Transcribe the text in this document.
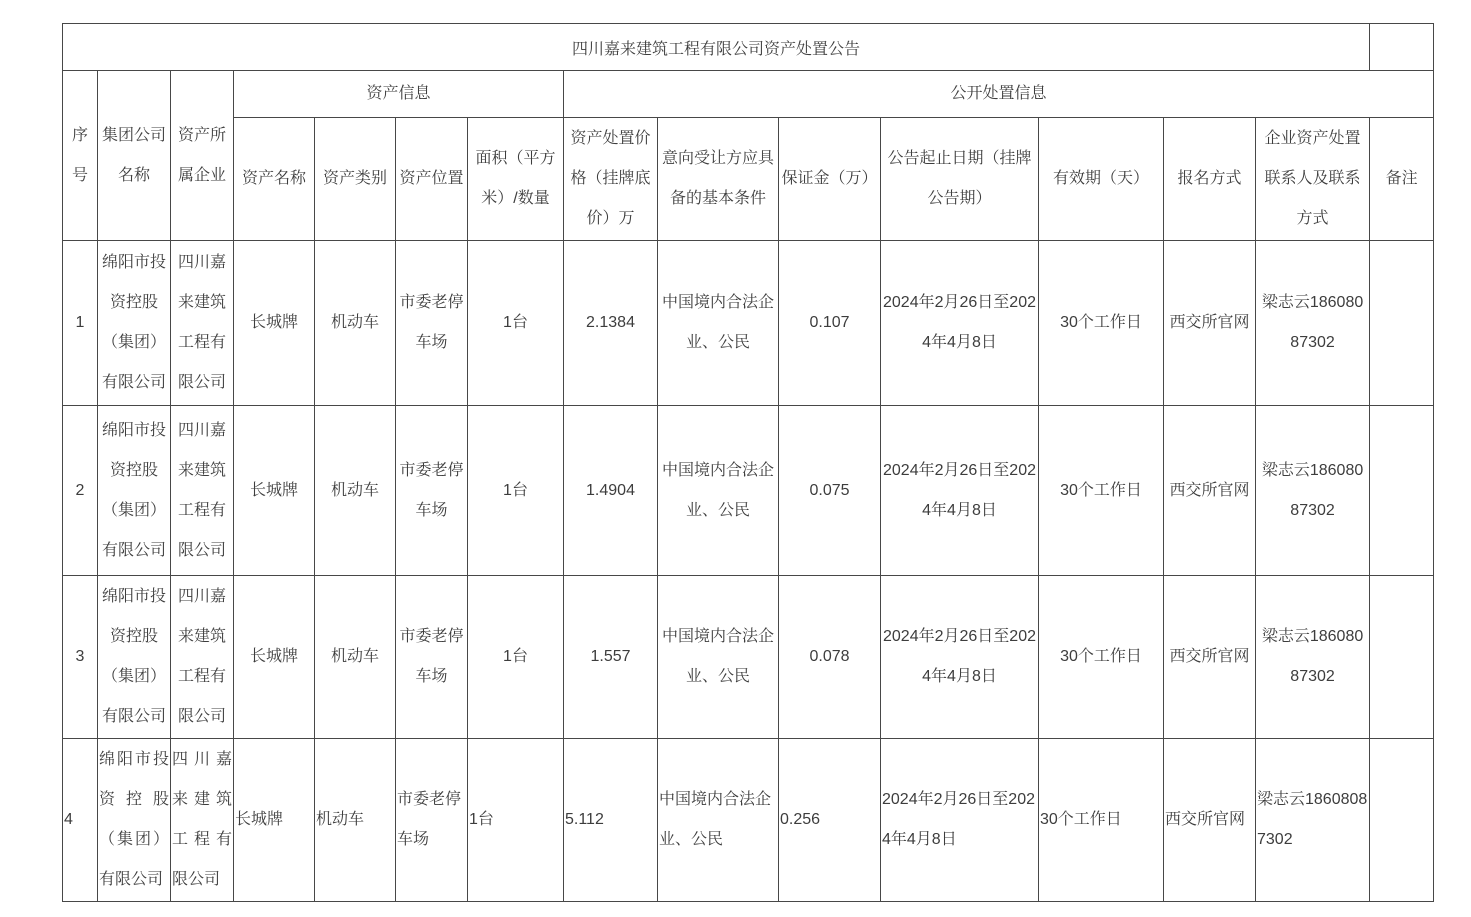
四川嘉来建筑工程有限公司资产处置公告														
序号	集团公司名称	资产所属企业	资产信息				公开处置信息							
			资产名称	资产类别	资产位置	面积（平方米）/数量	资产处置价格（挂牌底价）万	意向受让方应具备的基本条件	保证金（万）	公告起止日期（挂牌公告期）	有效期（天）	报名方式	企业资产处置联系人及联系方式	备注
1	绵阳市投资控股（集团）有限公司	四川嘉来建筑工程有限公司	长城牌	机动车	市委老停车场	1台	2.1384	中国境内合法企业、公民	0.107	2024年2月26日至2024年4月8日	30个工作日	西交所官网	梁志云18608087302	
2	绵阳市投资控股（集团）有限公司	四川嘉来建筑工程有限公司	长城牌	机动车	市委老停车场	1台	1.4904	中国境内合法企业、公民	0.075	2024年2月26日至2024年4月8日	30个工作日	西交所官网	梁志云18608087302	
3	绵阳市投资控股（集团）有限公司	四川嘉来建筑工程有限公司	长城牌	机动车	市委老停车场	1台	1.557	中国境内合法企业、公民	0.078	2024年2月26日至2024年4月8日	30个工作日	西交所官网	梁志云18608087302	
4	绵阳市投资控股（集团）有限公司	四川嘉来建筑工程有限公司	长城牌	机动车	市委老停车场	1台	5.112	中国境内合法企业、公民	0.256	2024年2月26日至2024年4月8日	30个工作日	西交所官网	梁志云18608087302	
